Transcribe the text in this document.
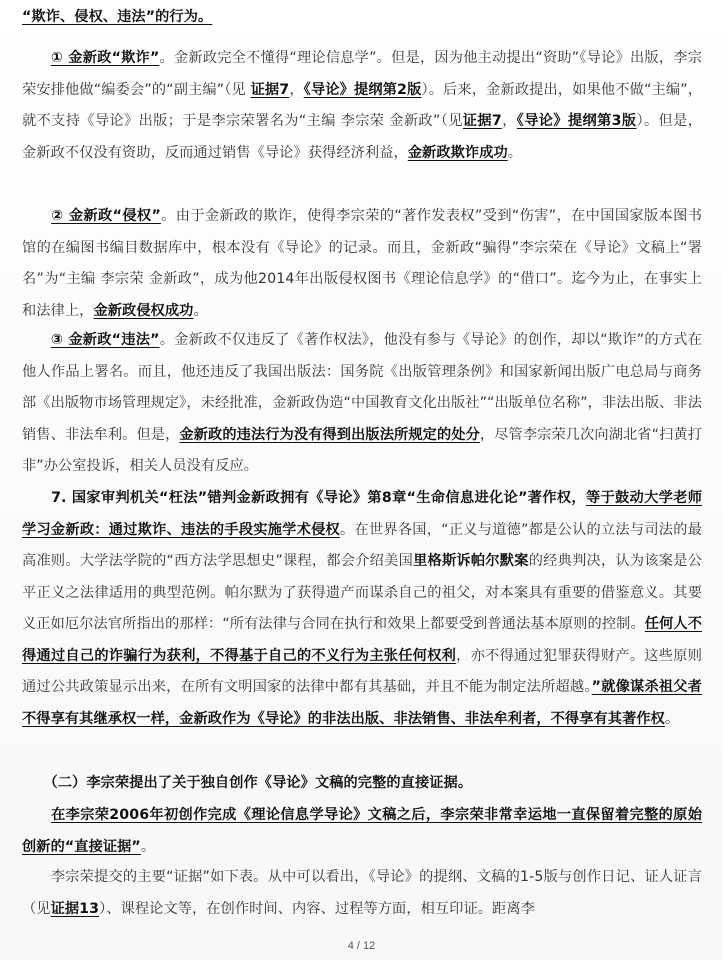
“欺诈、侵权、违法”的行为。

　　① 金新政“欺诈”。金新政完全不懂得“理论信息学”。但是，因为他主动提出“资助”《导论》出版，李宗荣安排他做“编委会”的“副主编”（见 证据7，《导论》提纲第2版）。后来，金新政提出，如果他不做“主编”，就不支持《导论》出版；于是李宗荣署名为“主编 李宗荣 金新政”（见证据7，《导论》提纲第3版）。但是，金新政不仅没有资助，反而通过销售《导论》获得经济利益，金新政欺诈成功。

　　② 金新政“侵权”。由于金新政的欺诈，使得李宗荣的“著作发表权”受到“伤害”，在中国国家版本图书馆的在编图书编目数据库中，根本没有《导论》的记录。而且，金新政“骗得”李宗荣在《导论》文稿上“署名”为“主编 李宗荣 金新政”，成为他2014年出版侵权图书《理论信息学》的“借口”。迄今为止，在事实上和法律上，金新政侵权成功。

　　③ 金新政“违法”。金新政不仅违反了《著作权法》，他没有参与《导论》的创作，却以“欺诈”的方式在他人作品上署名。而且，他还违反了我国出版法：国务院《出版管理条例》和国家新闻出版广电总局与商务部《出版物市场管理规定》，未经批准，金新政伪造“中国教育文化出版社”“出版单位名称”，非法出版、非法销售、非法牟利。但是，金新政的违法行为没有得到出版法所规定的处分，尽管李宗荣几次向湖北省“扫黄打非”办公室投诉，相关人员没有反应。

　　7. 国家审判机关“枉法”错判金新政拥有《导论》第8章“生命信息进化论”著作权，等于鼓动大学老师学习金新政：通过欺诈、违法的手段实施学术侵权。在世界各国，“正义与道德”都是公认的立法与司法的最高准则。大学法学院的“西方法学思想史”课程，都会介绍美国里格斯诉帕尔默案的经典判决，认为该案是公平正义之法律适用的典型范例。帕尔默为了获得遗产而谋杀自己的祖父，对本案具有重要的借鉴意义。其要义正如厄尔法官所指出的那样：“所有法律与合同在执行和效果上都要受到普通法基本原则的控制。任何人不得通过自己的诈骗行为获利，不得基于自己的不义行为主张任何权利，亦不得通过犯罪获得财产。这些原则通过公共政策显示出来，在所有文明国家的法律中都有其基础，并且不能为制定法所超越。”就像谋杀祖父者不得享有其继承权一样，金新政作为《导论》的非法出版、非法销售、非法牟利者，不得享有其著作权。

　　（二）李宗荣提出了关于独自创作《导论》文稿的完整的直接证据。

　　在李宗荣2006年初创作完成《理论信息学导论》文稿之后，李宗荣非常幸运地一直保留着完整的原始创新的“直接证据”。

　　李宗荣提交的主要“证据”如下表。从中可以看出，《导论》的提纲、文稿的1-5版与创作日记、证人证言（见证据13）、课程论文等，在创作时间、内容、过程等方面，相互印证。距离李

4 / 12
